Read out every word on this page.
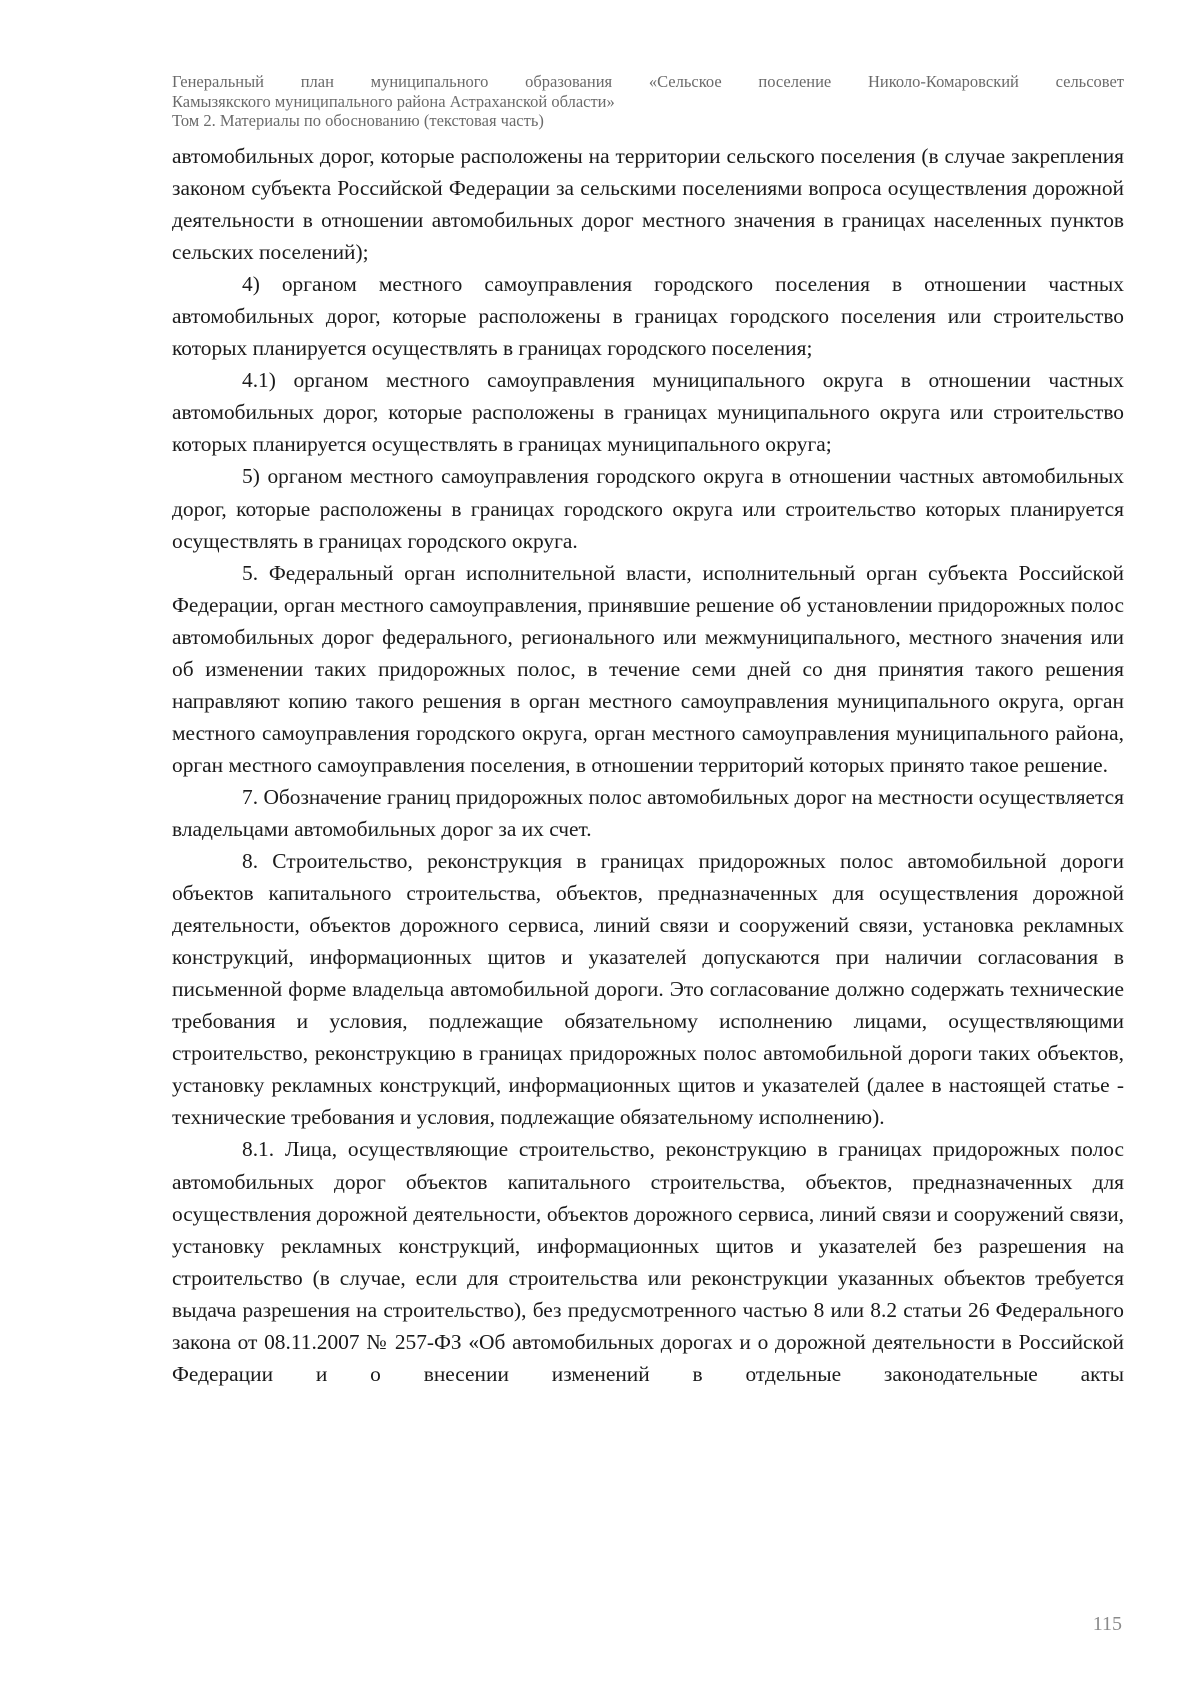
Генеральный план муниципального образования «Сельское поселение Николо-Комаровский сельсовет
Камызякского муниципального района Астраханской области»
Том 2. Материалы по обоснованию (текстовая часть)

автомобильных дорог, которые расположены на территории сельского поселения (в случае закрепления законом субъекта Российской Федерации за сельскими поселениями вопроса осуществления дорожной деятельности в отношении автомобильных дорог местного значения в границах населенных пунктов сельских поселений);

4) органом местного самоуправления городского поселения в отношении частных автомобильных дорог, которые расположены в границах городского поселения или строительство которых планируется осуществлять в границах городского поселения;

4.1) органом местного самоуправления муниципального округа в отношении частных автомобильных дорог, которые расположены в границах муниципального округа или строительство которых планируется осуществлять в границах муниципального округа;

5) органом местного самоуправления городского округа в отношении частных автомобильных дорог, которые расположены в границах городского округа или строительство которых планируется осуществлять в границах городского округа.

5. Федеральный орган исполнительной власти, исполнительный орган субъекта Российской Федерации, орган местного самоуправления, принявшие решение об установлении придорожных полос автомобильных дорог федерального, регионального или межмуниципального, местного значения или об изменении таких придорожных полос, в течение семи дней со дня принятия такого решения направляют копию такого решения в орган местного самоуправления муниципального округа, орган местного самоуправления городского округа, орган местного самоуправления муниципального района, орган местного самоуправления поселения, в отношении территорий которых принято такое решение.

7. Обозначение границ придорожных полос автомобильных дорог на местности осуществляется владельцами автомобильных дорог за их счет.

8. Строительство, реконструкция в границах придорожных полос автомобильной дороги объектов капитального строительства, объектов, предназначенных для осуществления дорожной деятельности, объектов дорожного сервиса, линий связи и сооружений связи, установка рекламных конструкций, информационных щитов и указателей допускаются при наличии согласования в письменной форме владельца автомобильной дороги. Это согласование должно содержать технические требования и условия, подлежащие обязательному исполнению лицами, осуществляющими строительство, реконструкцию в границах придорожных полос автомобильной дороги таких объектов, установку рекламных конструкций, информационных щитов и указателей (далее в настоящей статье - технические требования и условия, подлежащие обязательному исполнению).

8.1. Лица, осуществляющие строительство, реконструкцию в границах придорожных полос автомобильных дорог объектов капитального строительства, объектов, предназначенных для осуществления дорожной деятельности, объектов дорожного сервиса, линий связи и сооружений связи, установку рекламных конструкций, информационных щитов и указателей без разрешения на строительство (в случае, если для строительства или реконструкции указанных объектов требуется выдача разрешения на строительство), без предусмотренного частью 8 или 8.2 статьи 26 Федерального закона от 08.11.2007 № 257-ФЗ «Об автомобильных дорогах и о дорожной деятельности в Российской Федерации и о внесении изменений в отдельные законодательные акты

115
